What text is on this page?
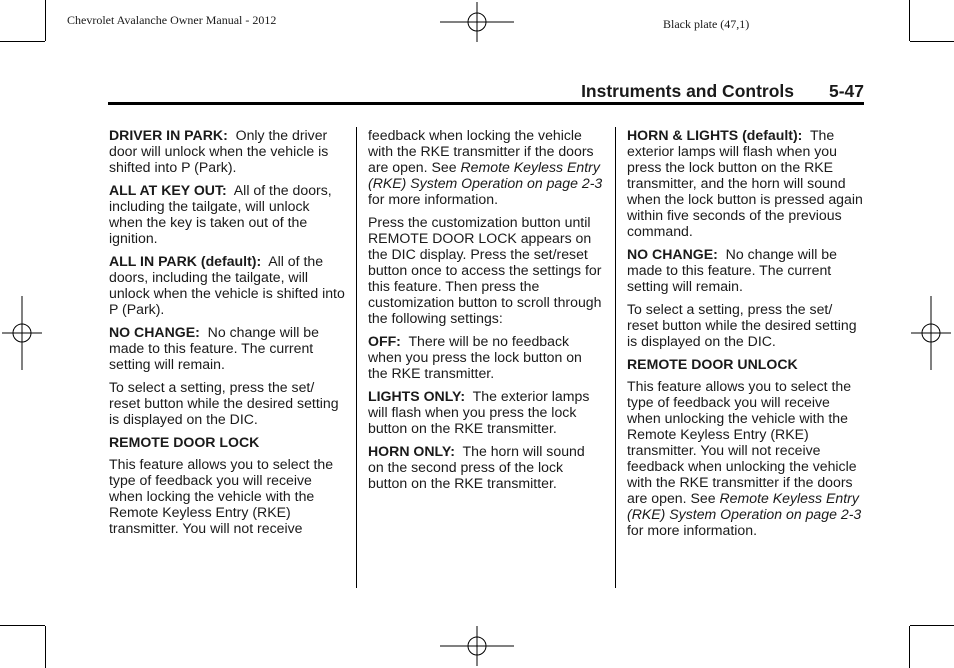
Chevrolet Avalanche Owner Manual - 2012	Black plate (47,1)
Instruments and Controls 5-47

DRIVER IN PARK: Only the driver door will unlock when the vehicle is shifted into P (Park).

ALL AT KEY OUT: All of the doors, including the tailgate, will unlock when the key is taken out of the ignition.

ALL IN PARK (default): All of the doors, including the tailgate, will unlock when the vehicle is shifted into P (Park).

NO CHANGE: No change will be made to this feature. The current setting will remain.

To select a setting, press the set/ reset button while the desired setting is displayed on the DIC.

REMOTE DOOR LOCK

This feature allows you to select the type of feedback you will receive when locking the vehicle with the Remote Keyless Entry (RKE) transmitter. You will not receive

feedback when locking the vehicle with the RKE transmitter if the doors are open. See Remote Keyless Entry (RKE) System Operation on page 2-3 for more information.

Press the customization button until REMOTE DOOR LOCK appears on the DIC display. Press the set/reset button once to access the settings for this feature. Then press the customization button to scroll through the following settings:

OFF: There will be no feedback when you press the lock button on the RKE transmitter.

LIGHTS ONLY: The exterior lamps will flash when you press the lock button on the RKE transmitter.

HORN ONLY: The horn will sound on the second press of the lock button on the RKE transmitter.

HORN & LIGHTS (default): The exterior lamps will flash when you press the lock button on the RKE transmitter, and the horn will sound when the lock button is pressed again within five seconds of the previous command.

NO CHANGE: No change will be made to this feature. The current setting will remain.

To select a setting, press the set/ reset button while the desired setting is displayed on the DIC.

REMOTE DOOR UNLOCK

This feature allows you to select the type of feedback you will receive when unlocking the vehicle with the Remote Keyless Entry (RKE) transmitter. You will not receive feedback when unlocking the vehicle with the RKE transmitter if the doors are open. See Remote Keyless Entry (RKE) System Operation on page 2-3 for more information.
